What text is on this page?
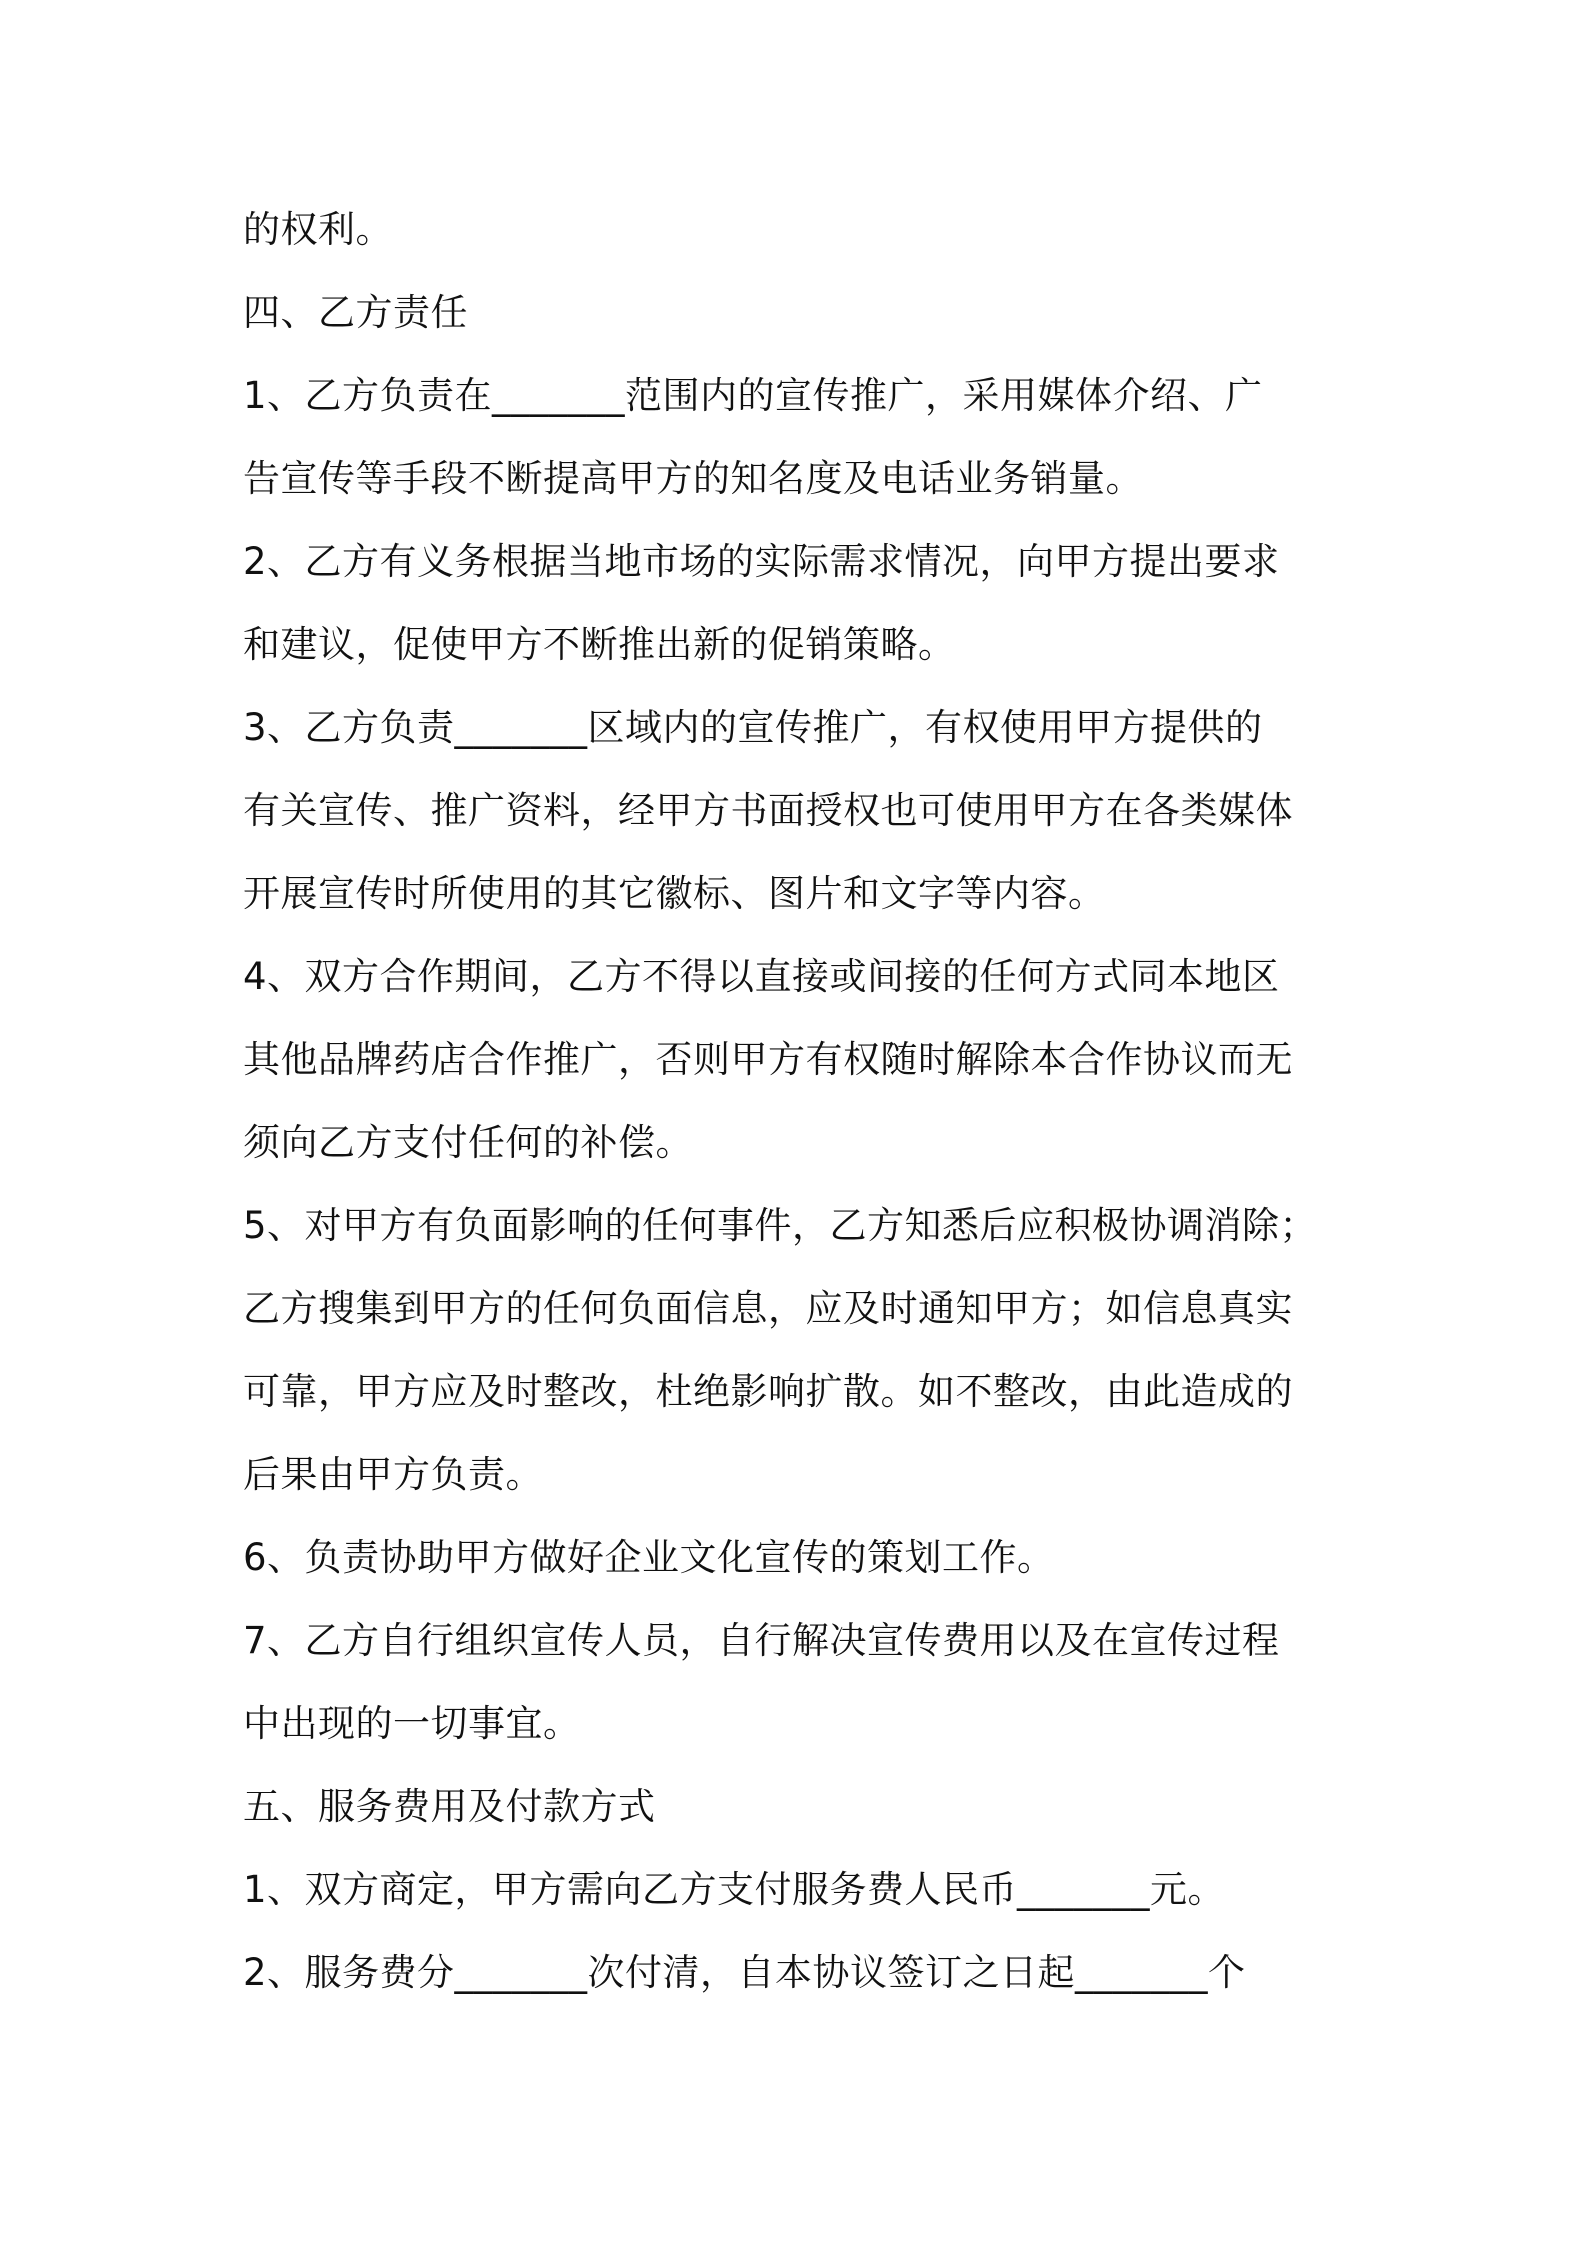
的权利。
四、乙方责任
1、乙方负责在_______范围内的宣传推广，采用媒体介绍、广
告宣传等手段不断提高甲方的知名度及电话业务销量。
2、乙方有义务根据当地市场的实际需求情况，向甲方提出要求
和建议，促使甲方不断推出新的促销策略。
3、乙方负责_______区域内的宣传推广，有权使用甲方提供的
有关宣传、推广资料，经甲方书面授权也可使用甲方在各类媒体
开展宣传时所使用的其它徽标、图片和文字等内容。
4、双方合作期间，乙方不得以直接或间接的任何方式同本地区
其他品牌药店合作推广，否则甲方有权随时解除本合作协议而无
须向乙方支付任何的补偿。
5、对甲方有负面影响的任何事件，乙方知悉后应积极协调消除；
乙方搜集到甲方的任何负面信息，应及时通知甲方；如信息真实
可靠，甲方应及时整改，杜绝影响扩散。如不整改，由此造成的
后果由甲方负责。
6、负责协助甲方做好企业文化宣传的策划工作。
7、乙方自行组织宣传人员，自行解决宣传费用以及在宣传过程
中出现的一切事宜。
五、服务费用及付款方式
1、双方商定，甲方需向乙方支付服务费人民币_______元。
2、服务费分_______次付清，自本协议签订之日起_______个
